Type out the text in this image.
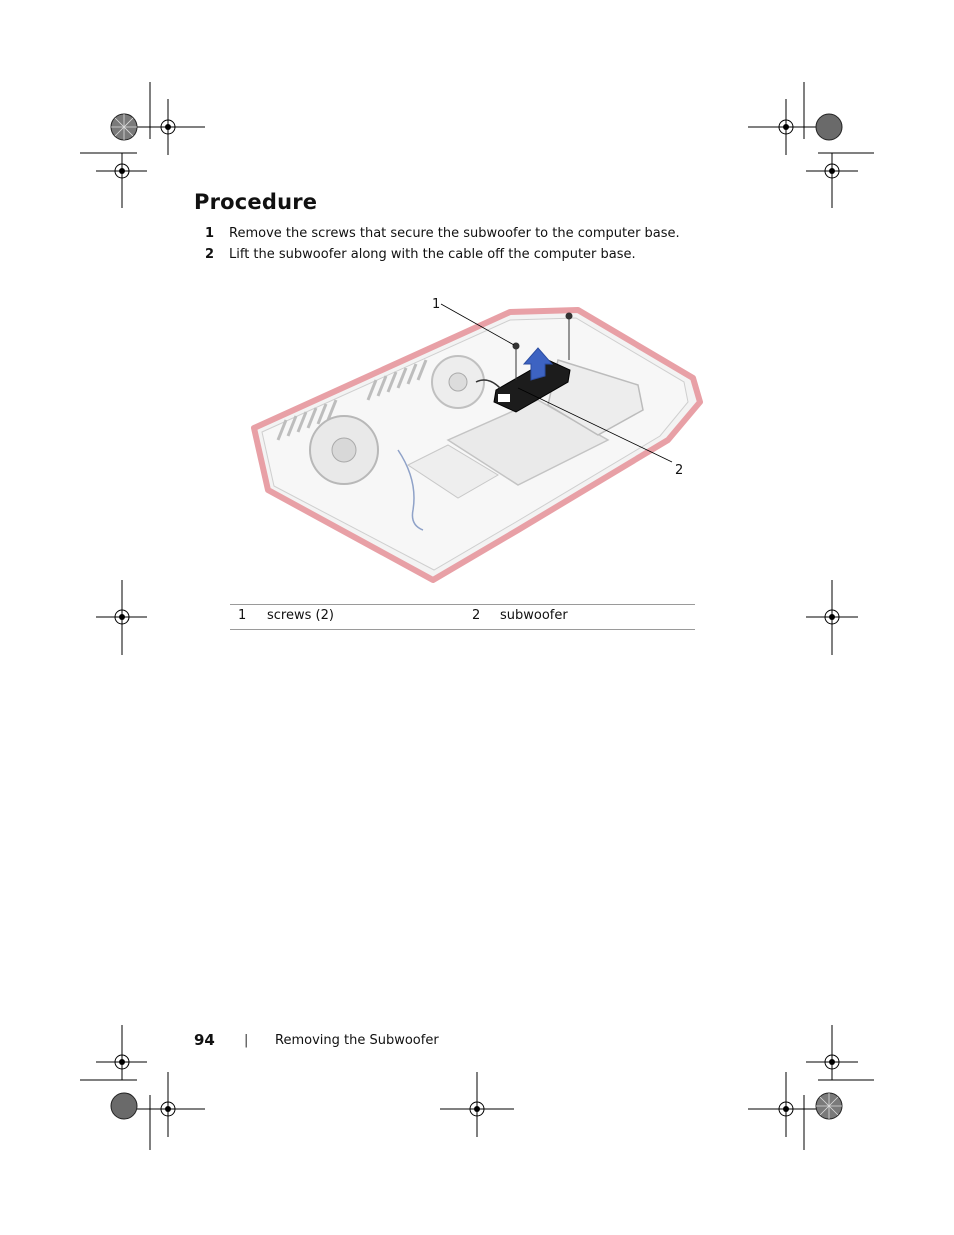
Procedure
1 Remove the screws that secure the subwoofer to the computer base.
2 Lift the subwoofer along with the cable off the computer base.
1
2
1 screws (2)	2 subwoofer
94 | Removing the Subwoofer
